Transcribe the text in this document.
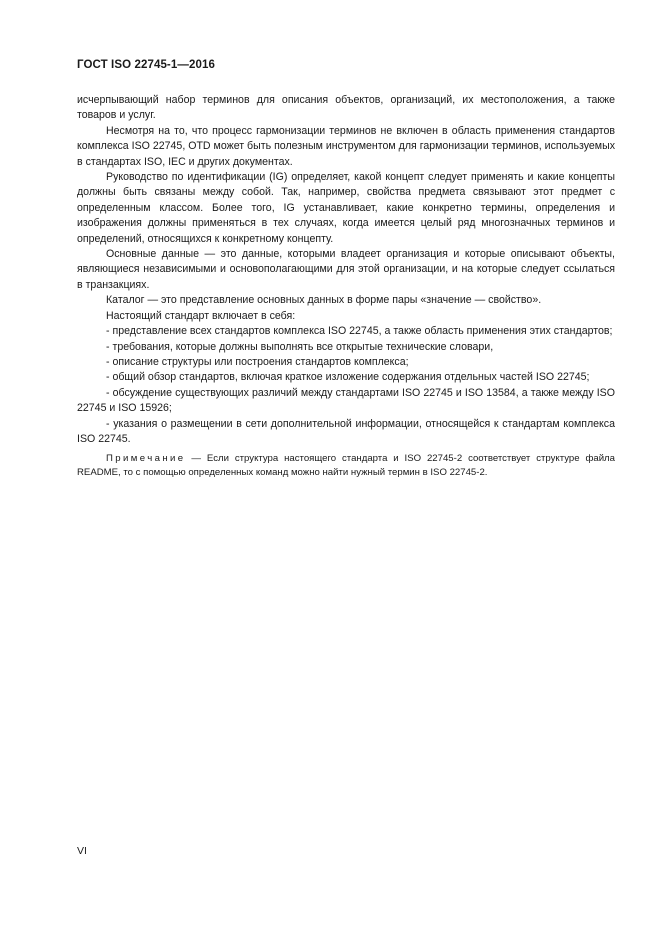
ГОСТ ISO 22745-1—2016

исчерпывающий набор терминов для описания объектов, организаций, их местоположения, а также товаров и услуг.

Несмотря на то, что процесс гармонизации терминов не включен в область применения стандартов комплекса ISO 22745, OTD может быть полезным инструментом для гармонизации терминов, используемых в стандартах ISO, IEC и других документах.

Руководство по идентификации (IG) определяет, какой концепт следует применять и какие концепты должны быть связаны между собой. Так, например, свойства предмета связывают этот предмет с определенным классом. Более того, IG устанавливает, какие конкретно термины, определения и изображения должны применяться в тех случаях, когда имеется целый ряд многозначных терминов и определений, относящихся к конкретному концепту.

Основные данные — это данные, которыми владеет организация и которые описывают объекты, являющиеся независимыми и основополагающими для этой организации, и на которые следует ссылаться в транзакциях.

Каталог — это представление основных данных в форме пары «значение — свойство».

Настоящий стандарт включает в себя:

- представление всех стандартов комплекса ISO 22745, а также область применения этих стандартов;

- требования, которые должны выполнять все открытые технические словари,

- описание структуры или построения стандартов комплекса;

- общий обзор стандартов, включая краткое изложение содержания отдельных частей ISO 22745;

- обсуждение существующих различий между стандартами ISO 22745 и ISO 13584, а также между ISO 22745 и ISO 15926;

- указания о размещении в сети дополнительной информации, относящейся к стандартам комплекса ISO 22745.

Примечание — Если структура настоящего стандарта и ISO 22745-2 соответствует структуре файла README, то с помощью определенных команд можно найти нужный термин в ISO 22745-2.

VI
